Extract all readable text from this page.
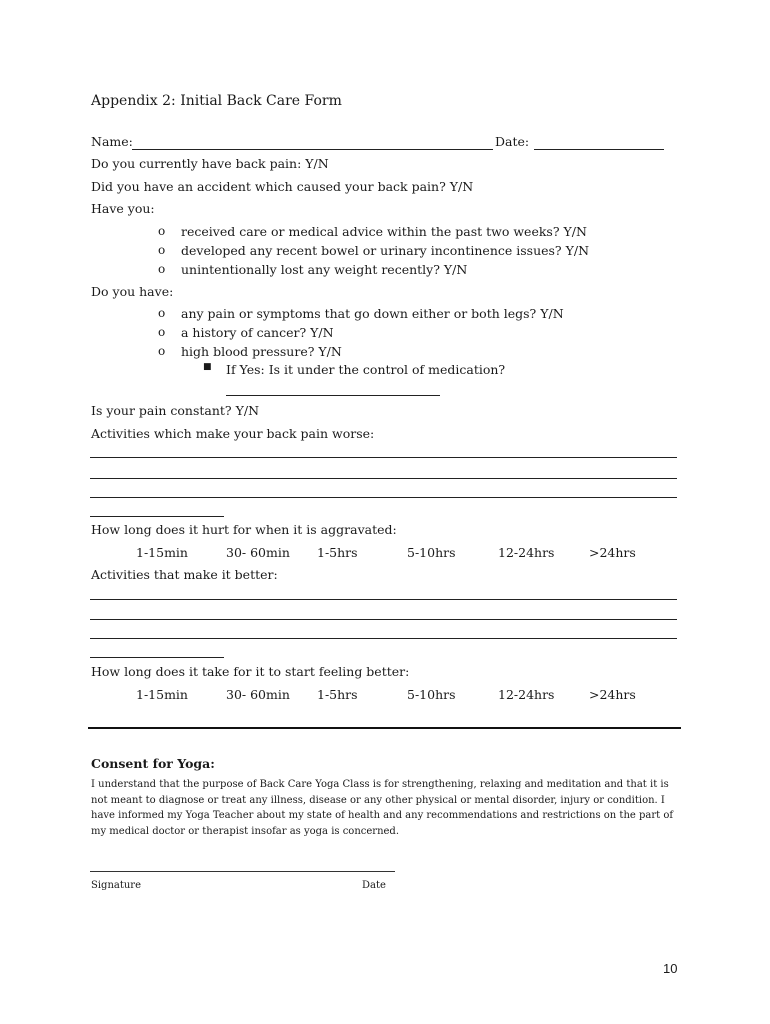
Appendix 2: Initial Back Care Form
Name:	Date:
Do you currently have back pain: Y/N
Did you have an accident which caused your back pain? Y/N
Have you:
o received care or medical advice within the past two weeks? Y/N
o developed any recent bowel or urinary incontinence issues? Y/N
o unintentionally lost any weight recently? Y/N
Do you have:
o any pain or symptoms that go down either or both legs? Y/N
o a history of cancer? Y/N
o high blood pressure? Y/N
■ If Yes: Is it under the control of medication?
Is your pain constant? Y/N
Activities which make your back pain worse:
How long does it hurt for when it is aggravated:
1-15min	30- 60min 1-5hrs	5-10hrs	12-24hrs	>24hrs
Activities that make it better:
How long does it take for it to start feeling better:
1-15min	30- 60min 1-5hrs	5-10hrs	12-24hrs	>24hrs
Consent for Yoga:
I understand that the purpose of Back Care Yoga Class is for strengthening, relaxing and meditation and that it is not meant to diagnose or treat any illness, disease or any other physical or mental disorder, injury or condition. I have informed my Yoga Teacher about my state of health and any recommendations and restrictions on the part of my medical doctor or therapist insofar as yoga is concerned.
Signature	Date
10
